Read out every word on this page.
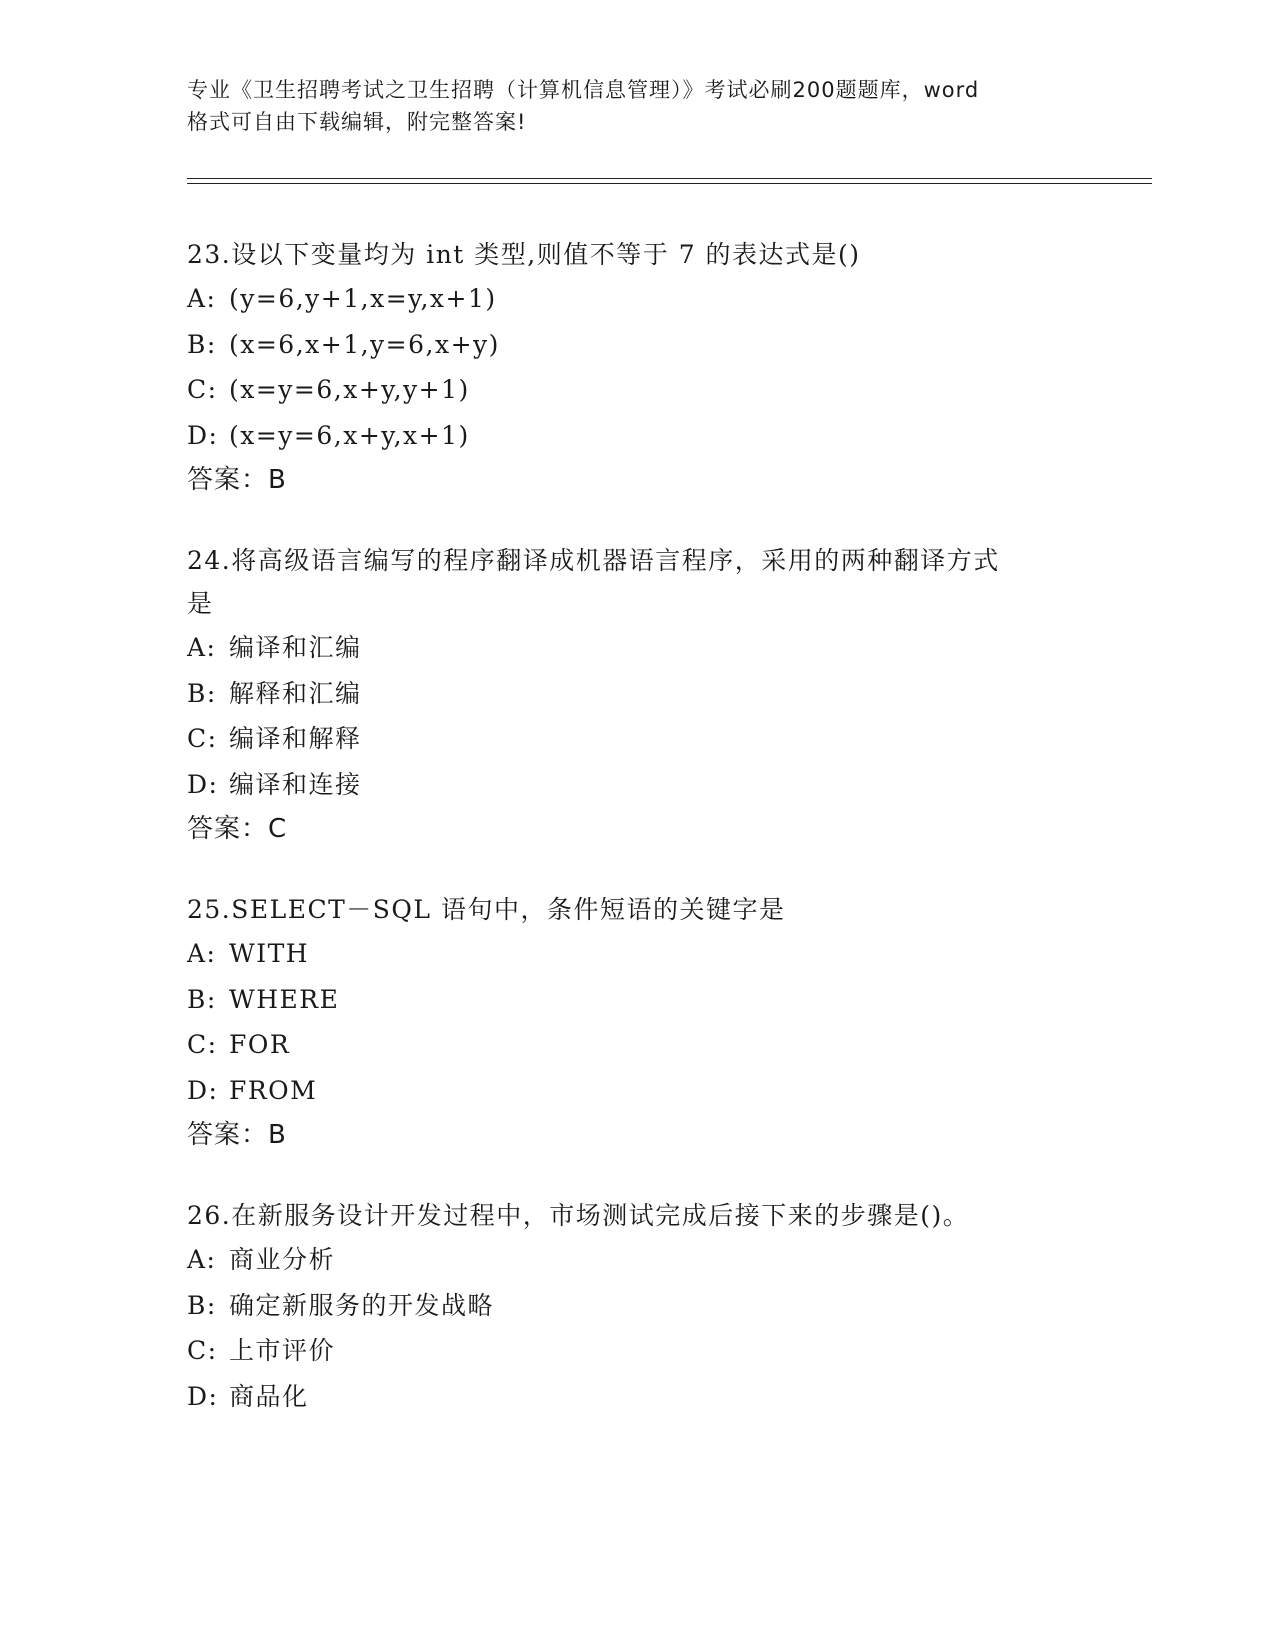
专业《卫生招聘考试之卫生招聘（计算机信息管理）》考试必刷200题题库，word
格式可自由下载编辑，附完整答案!
23.设以下变量均为 int 类型,则值不等于 7 的表达式是()
A: (y=6,y+1,x=y,x+1)
B: (x=6,x+1,y=6,x+y)
C: (x=y=6,x+y,y+1)
D: (x=y=6,x+y,x+1)
答案：B
24.将高级语言编写的程序翻译成机器语言程序，采用的两种翻译方式
是
A: 编译和汇编
B: 解释和汇编
C: 编译和解释
D: 编译和连接
答案：C
25.SELECT－SQL 语句中，条件短语的关键字是
A: WITH
B: WHERE
C: FOR
D: FROM
答案：B
26.在新服务设计开发过程中，市场测试完成后接下来的步骤是()。
A: 商业分析
B: 确定新服务的开发战略
C: 上市评价
D: 商品化
